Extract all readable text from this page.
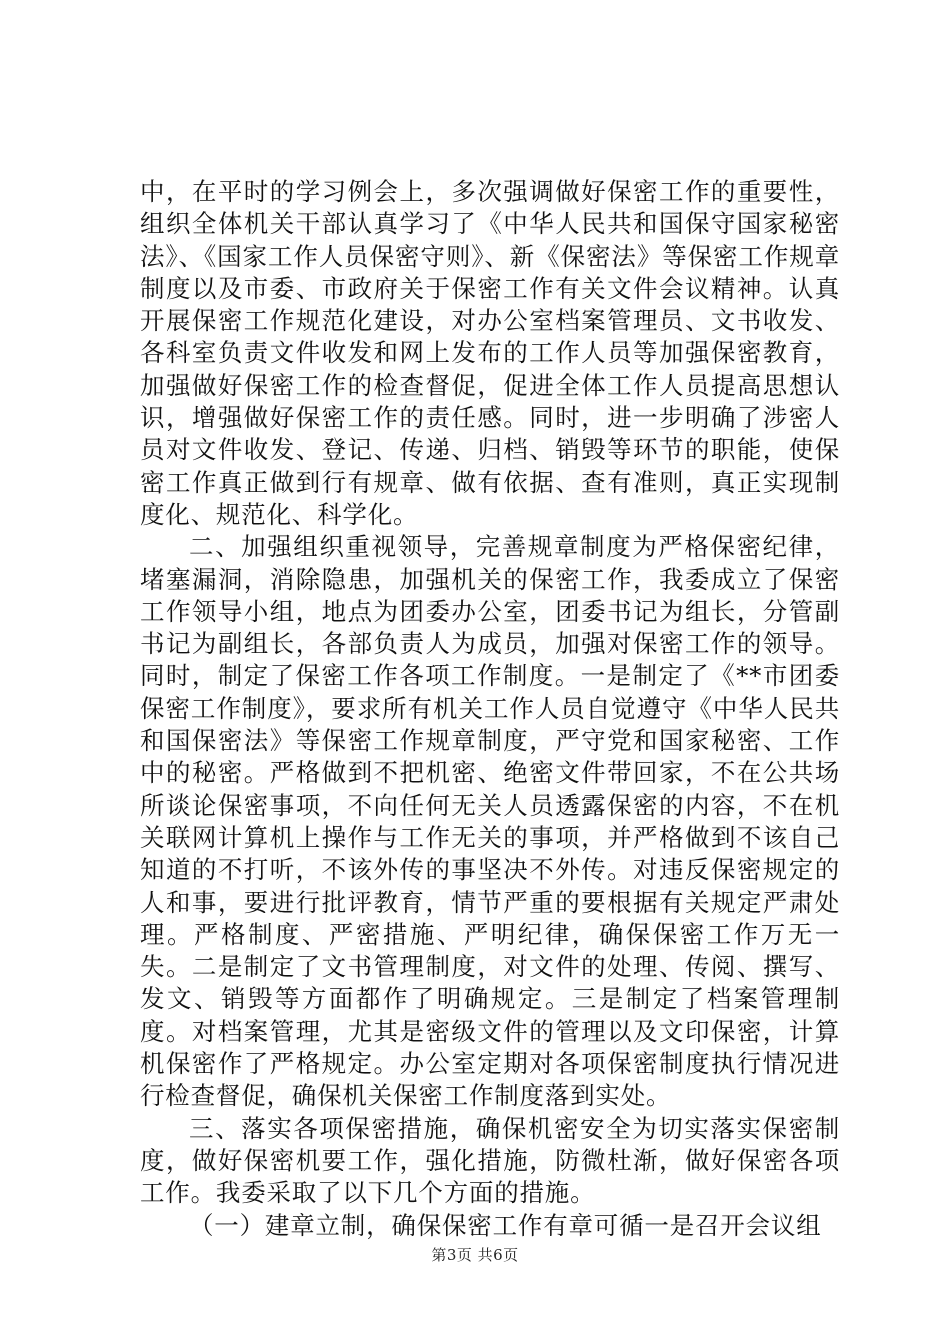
中，在平时的学习例会上，多次强调做好保密工作的重要性，组织全体机关干部认真学习了《中华人民共和国保守国家秘密法》、《国家工作人员保密守则》、新《保密法》等保密工作规章制度以及市委、市政府关于保密工作有关文件会议精神。认真开展保密工作规范化建设，对办公室档案管理员、文书收发、各科室负责文件收发和网上发布的工作人员等加强保密教育，加强做好保密工作的检查督促，促进全体工作人员提高思想认识，增强做好保密工作的责任感。同时，进一步明确了涉密人员对文件收发、登记、传递、归档、销毁等环节的职能，使保密工作真正做到行有规章、做有依据、查有准则，真正实现制度化、规范化、科学化。

二、加强组织重视领导，完善规章制度为严格保密纪律，堵塞漏洞，消除隐患，加强机关的保密工作，我委成立了保密工作领导小组，地点为团委办公室，团委书记为组长，分管副书记为副组长，各部负责人为成员，加强对保密工作的领导。同时，制定了保密工作各项工作制度。一是制定了《**市团委保密工作制度》，要求所有机关工作人员自觉遵守《中华人民共和国保密法》等保密工作规章制度，严守党和国家秘密、工作中的秘密。严格做到不把机密、绝密文件带回家，不在公共场所谈论保密事项，不向任何无关人员透露保密的内容，不在机关联网计算机上操作与工作无关的事项，并严格做到不该自己知道的不打听，不该外传的事坚决不外传。对违反保密规定的人和事，要进行批评教育，情节严重的要根据有关规定严肃处理。严格制度、严密措施、严明纪律，确保保密工作万无一失。二是制定了文书管理制度，对文件的处理、传阅、撰写、发文、销毁等方面都作了明确规定。三是制定了档案管理制度。对档案管理，尤其是密级文件的管理以及文印保密，计算机保密作了严格规定。办公室定期对各项保密制度执行情况进行检查督促，确保机关保密工作制度落到实处。

三、落实各项保密措施，确保机密安全为切实落实保密制度，做好保密机要工作，强化措施，防微杜渐，做好保密各项工作。我委采取了以下几个方面的措施。

（一）建章立制，确保保密工作有章可循一是召开会议组

第3页 共6页
